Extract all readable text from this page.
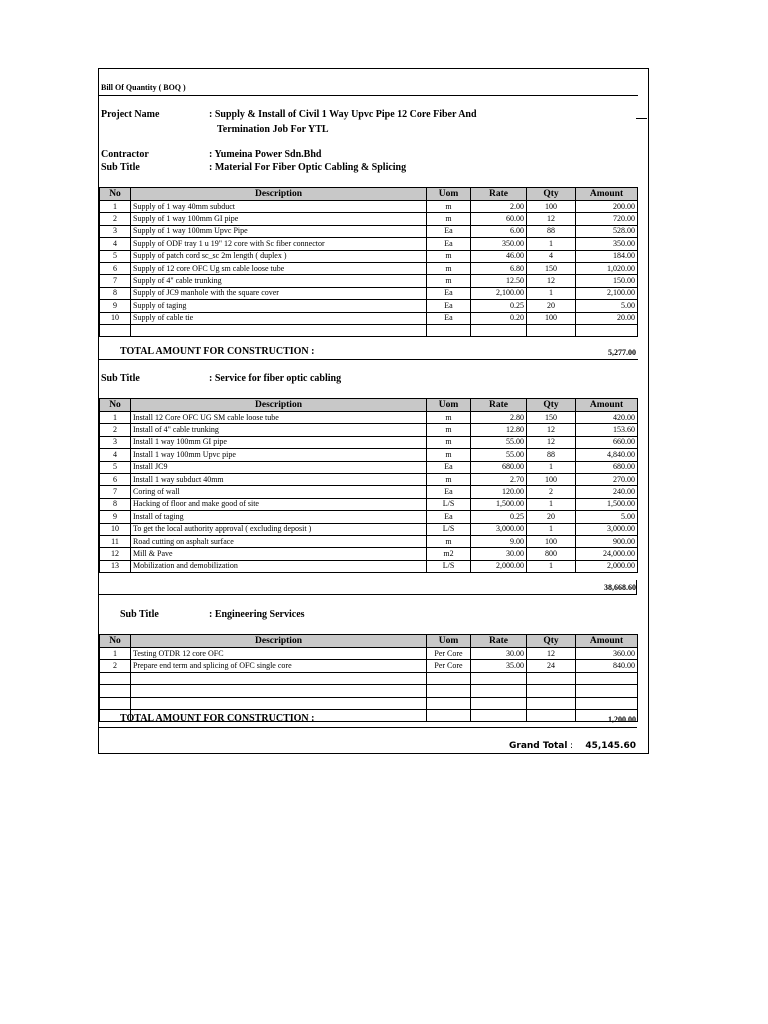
Bill Of Quantity ( BOQ )
Project Name	: Supply & Install of Civil 1 Way Upvc Pipe 12 Core Fiber And
Termination Job For YTL
Contractor	: Yumeina Power Sdn.Bhd
Sub Title	: Material For Fiber Optic Cabling & Splicing
No	Description	Uom	Rate	Qty	Amount
1	Supply of 1 way 40mm subduct	m	2.00	100	200.00
2	Supply of 1 way 100mm GI pipe	m	60.00	12	720.00
3	Supply of 1 way 100mm Upvc Pipe	Ea	6.00	88	528.00
4	Supply of ODF tray 1 u 19" 12 core with Sc fiber connector	Ea	350.00	1	350.00
5	Supply of patch cord sc_sc 2m length ( duplex )	m	46.00	4	184.00
6	Supply of 12 core OFC Ug sm cable loose tube	m	6.80	150	1,020.00
7	Supply of 4" cable trunking	m	12.50	12	150.00
8	Supply of JC9 manhole with the square cover	Ea	2,100.00	1	2,100.00
9	Supply of taging	Ea	0.25	20	5.00
10	Supply of cable tie	Ea	0.20	100	20.00

TOTAL AMOUNT FOR CONSTRUCTION :	5,277.00
Sub Title	: Service for fiber optic cabling
No	Description	Uom	Rate	Qty	Amount
1	Install 12 Core OFC UG SM cable loose tube	m	2.80	150	420.00
2	Install of 4" cable trunking	m	12.80	12	153.60
3	Install 1 way 100mm GI pipe	m	55.00	12	660.00
4	Install 1 way 100mm Upvc pipe	m	55.00	88	4,840.00
5	Install JC9	Ea	680.00	1	680.00
6	Install 1 way subduct 40mm	m	2.70	100	270.00
7	Coring of wall	Ea	120.00	2	240.00
8	Hacking of floor and make good of site	L/S	1,500.00	1	1,500.00
9	Install of taging	Ea	0.25	20	5.00
10	To get the local authority approval ( excluding deposit )	L/S	3,000.00	1	3,000.00
11	Road cutting on asphalt surface	m	9.00	100	900.00
12	Mill & Pave	m2	30.00	800	24,000.00
13	Mobilization and demobilization	L/S	2,000.00	1	2,000.00
38,668.60
Sub Title	: Engineering Services
No	Description	Uom	Rate	Qty	Amount
1	Testing OTDR 12 core OFC	Per Core	30.00	12	360.00
2	Prepare end term and splicing of OFC single core	Per Core	35.00	24	840.00

TOTAL AMOUNT FOR CONSTRUCTION :	1,200.00
Grand Total : 45,145.60
